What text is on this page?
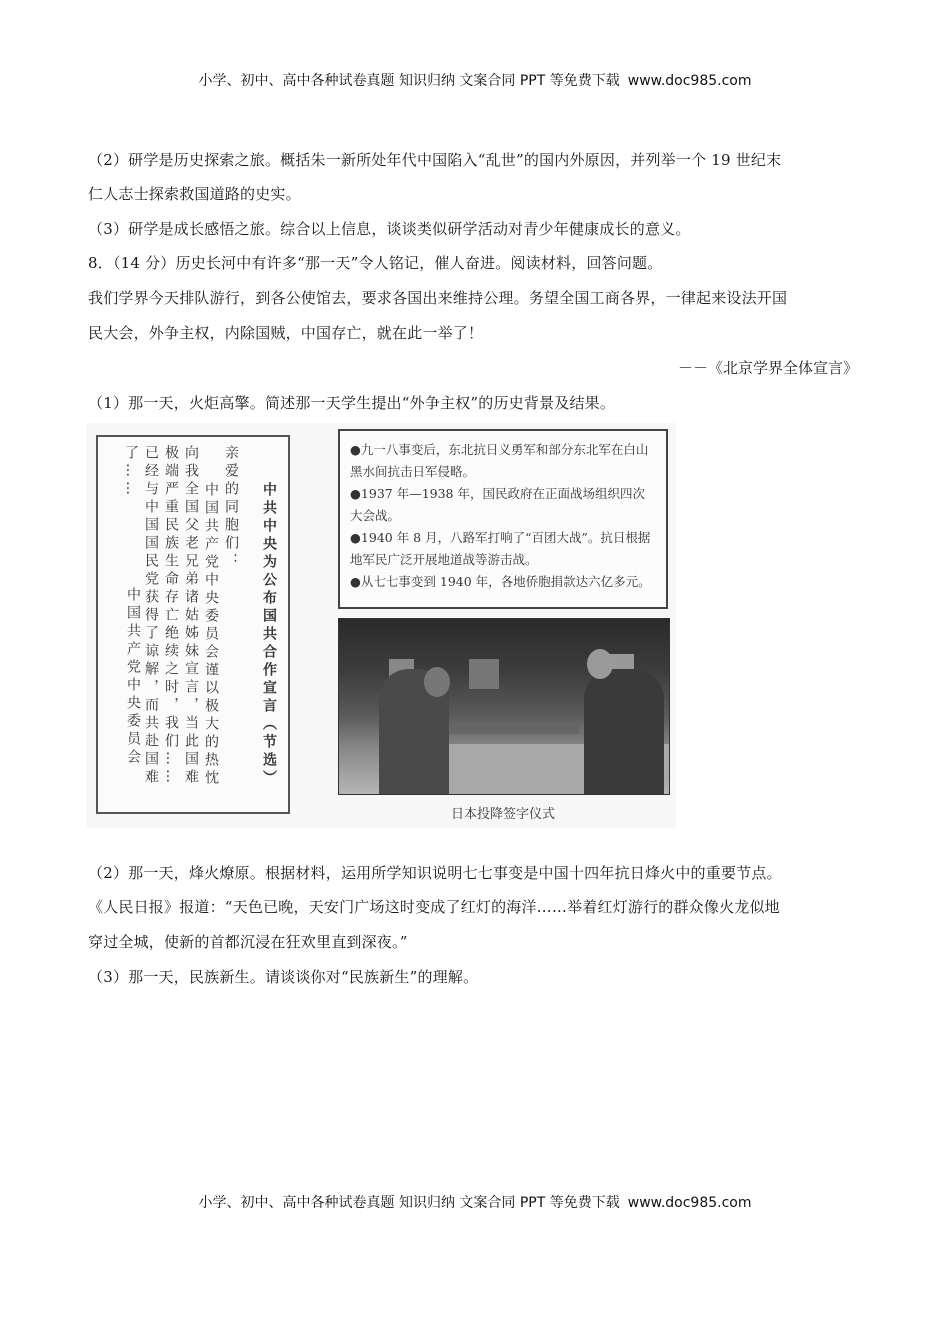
小学、初中、高中各种试卷真题 知识归纳 文案合同 PPT 等免费下载 www.doc985.com
（2）研学是历史探索之旅。概括朱一新所处年代中国陷入“乱世”的国内外原因，并列举一个 19 世纪末
仁人志士探索救国道路的史实。
（3）研学是成长感悟之旅。综合以上信息，谈谈类似研学活动对青少年健康成长的意义。
8．（14 分）历史长河中有许多“那一天”令人铭记，催人奋进。阅读材料，回答问题。
我们学界今天排队游行，到各公使馆去，要求各国出来维持公理。务望全国工商各界，一律起来设法开国
民大会，外争主权，内除国贼，中国存亡，就在此一举了！
－－《北京学界全体宣言》
（1）那一天，火炬高擎。简述那一天学生提出“外争主权”的历史背景及结果。
中共中央为公布国共合作宣言（节选）
亲爱的同胞们：
中国共产党中央委员会谨以极大的热忱
向我全国父老兄弟诸姑姊妹宣言，当此国难
极端严重民族生命存亡绝续之时，我们……
已经与中国国民党获得了谅解，而共赴国难
了……
中国共产党中央委员会

●九一八事变后，东北抗日义勇军和部分东北军在白山黑水间抗击日军侵略。

●1937 年—1938 年，国民政府在正面战场组织四次大会战。

●1940 年 8 月，八路军打响了“百团大战”。抗日根据地军民广泛开展地道战等游击战。

●从七七事变到 1940 年，各地侨胞捐款达六亿多元。

日本投降签字仪式
（2）那一天，烽火燎原。根据材料，运用所学知识说明七七事变是中国十四年抗日烽火中的重要节点。
《人民日报》报道：“天色已晚，天安门广场这时变成了红灯的海洋……举着红灯游行的群众像火龙似地
穿过全城，使新的首都沉浸在狂欢里直到深夜。”
（3）那一天，民族新生。请谈谈你对“民族新生”的理解。
小学、初中、高中各种试卷真题 知识归纳 文案合同 PPT 等免费下载 www.doc985.com
